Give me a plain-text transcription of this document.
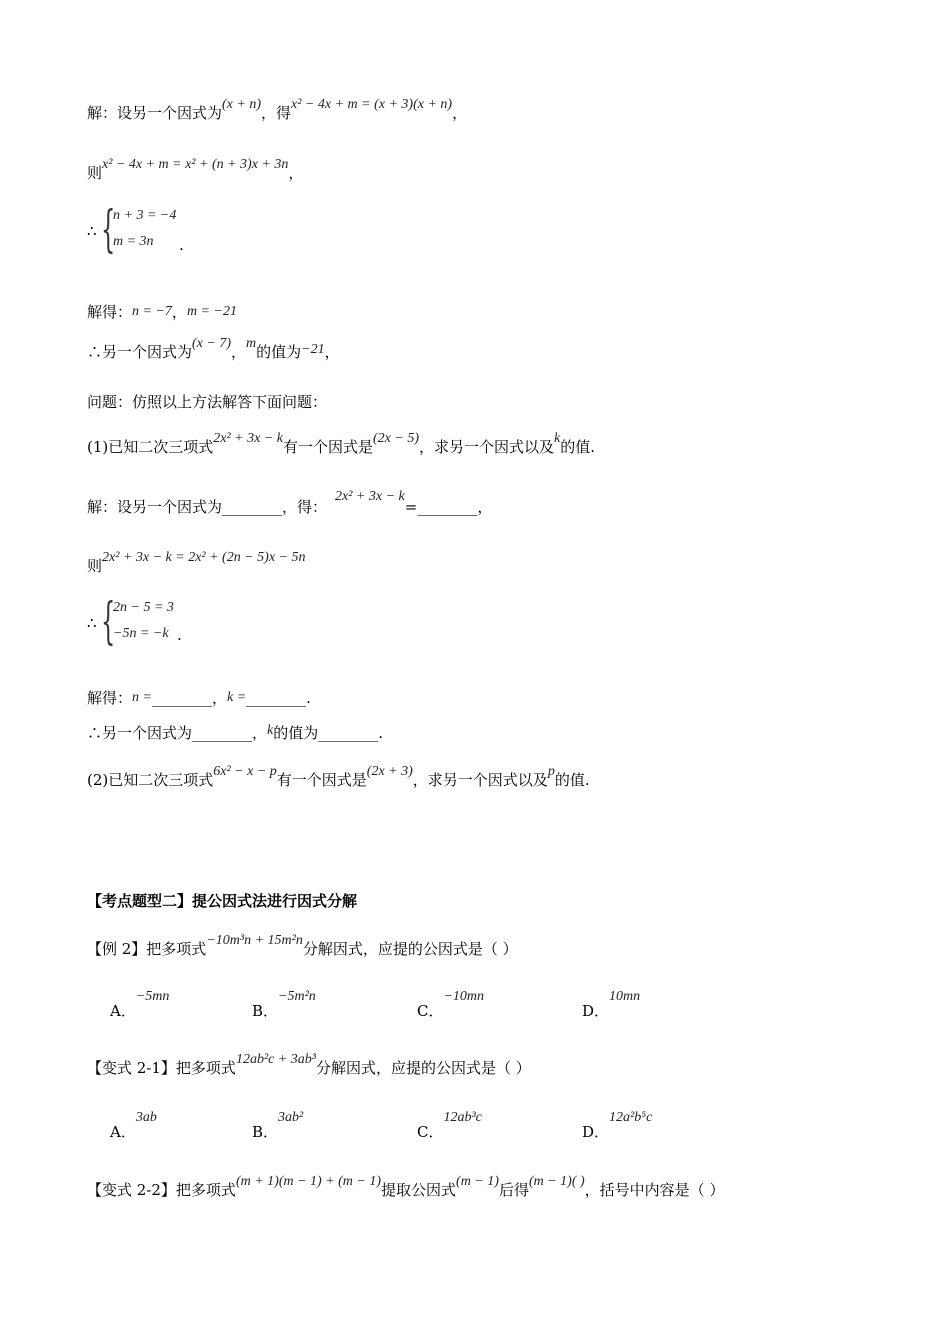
解：设另一个因式为(x + n)，得x² − 4x + m = (x + 3)(x + n)，
则x² − 4x + m = x² + (n + 3)x + 3n，
∴ {
n + 3 = −4
m = 3n .
解得：n = −7，m = −21
∴另一个因式为(x − 7)，m的值为−21，
问题：仿照以上方法解答下面问题：
(1)已知二次三项式2x² + 3x − k有一个因式是(2x − 5)，求另一个因式以及k的值.
解：设另一个因式为________，得：2x² + 3x − k=________，
则2x² + 3x − k = 2x² + (2n − 5)x − 5n
∴ {
2n − 5 = 3
−5n = −k .
解得：n =________，k =________.
∴另一个因式为________，k的值为________.
(2)已知二次三项式6x² − x − p有一个因式是(2x + 3)，求另一个因式以及p的值.
【考点题型二】提公因式法进行因式分解
【例 2】把多项式−10m³n + 15m²n分解因式，应提的公因式是（ ）
A．−5mn
B．−5m²n
C．−10mn
D．10mn
【变式 2-1】把多项式12ab²c + 3ab³分解因式，应提的公因式是（ ）
A．3ab
B．3ab²
C．12ab³c
D．12a²b⁵c
【变式 2-2】把多项式(m + 1)(m − 1) + (m − 1)提取公因式(m − 1)后得(m − 1)( )，括号中内容是（ ）
